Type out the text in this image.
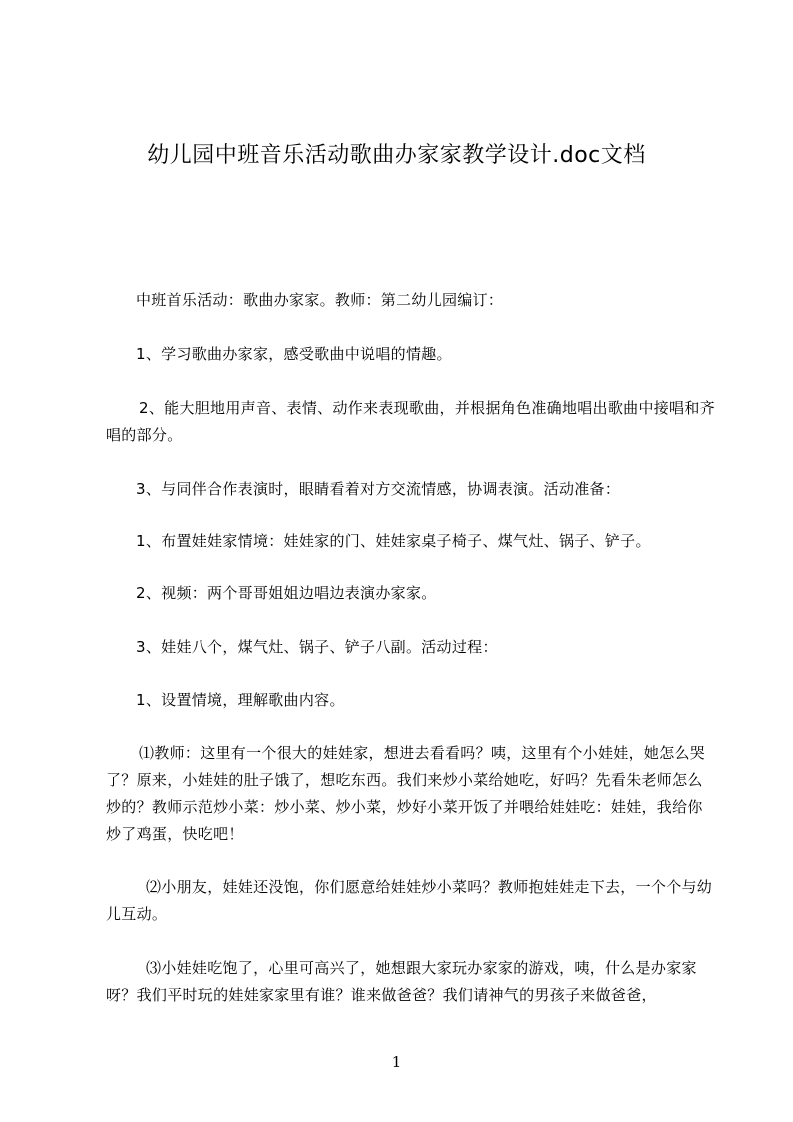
幼儿园中班音乐活动歌曲办家家教学设计.doc文档
中班首乐活动：歌曲办家家。教师：第二幼儿园编订：
1、学习歌曲办家家，感受歌曲中说唱的情趣。
2、能大胆地用声音、表情、动作来表现歌曲，并根据角色准确地唱出歌曲中接唱和齐唱的部分。
3、与同伴合作表演时，眼睛看着对方交流情感，协调表演。活动准备：
1、布置娃娃家情境：娃娃家的门、娃娃家桌子椅子、煤气灶、锅子、铲子。
2、视频：两个哥哥姐姐边唱边表演办家家。
3、娃娃八个，煤气灶、锅子、铲子八副。活动过程：
1、设置情境，理解歌曲内容。
⑴教师：这里有一个很大的娃娃家，想进去看看吗？咦，这里有个小娃娃，她怎么哭了？原来，小娃娃的肚子饿了，想吃东西。我们来炒小菜给她吃，好吗？先看朱老师怎么炒的？教师示范炒小菜：炒小菜、炒小菜，炒好小菜开饭了并喂给娃娃吃：娃娃，我给你炒了鸡蛋，快吃吧！
⑵小朋友，娃娃还没饱，你们愿意给娃娃炒小菜吗？教师抱娃娃走下去，一个个与幼儿互动。
⑶小娃娃吃饱了，心里可高兴了，她想跟大家玩办家家的游戏，咦，什么是办家家呀？我们平时玩的娃娃家家里有谁？谁来做爸爸？我们请神气的男孩子来做爸爸，
1
